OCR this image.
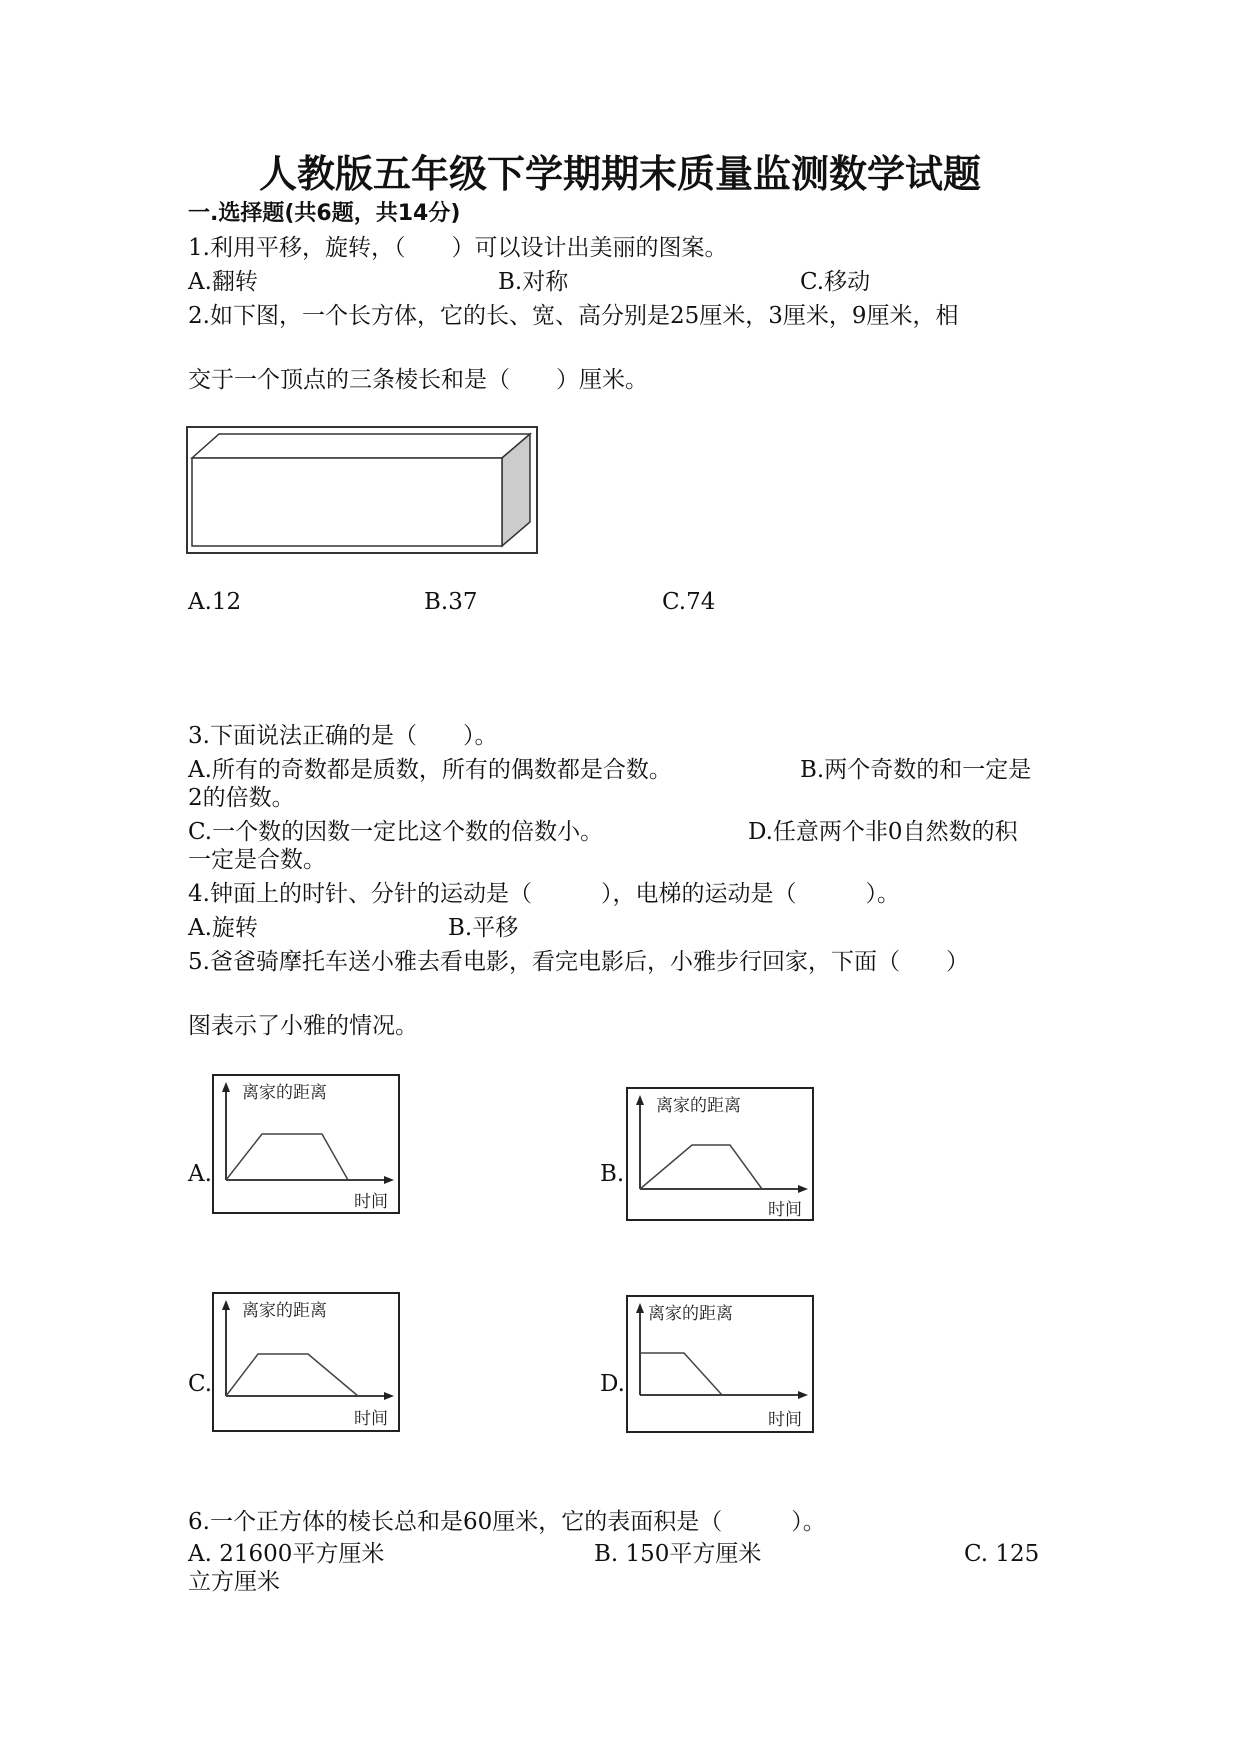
人教版五年级下学期期末质量监测数学试题
一.选择题(共6题，共14分)
1.利用平移，旋转，（　　）可以设计出美丽的图案。
A.翻转	B.对称	C.移动
2.如下图，一个长方体，它的长、宽、高分别是25厘米，3厘米，9厘米，相
交于一个顶点的三条棱长和是（　　）厘米。
A.12	B.37	C.74
3.下面说法正确的是（　　）。
A.所有的奇数都是质数，所有的偶数都是合数。	B.两个奇数的和一定是
2的倍数。
C.一个数的因数一定比这个数的倍数小。	D.任意两个非0自然数的积
一定是合数。
4.钟面上的时针、分针的运动是（　　　），电梯的运动是（　　　）。
A.旋转	B.平移
5.爸爸骑摩托车送小雅去看电影，看完电影后，小雅步行回家，下面（　　）
图表示了小雅的情况。
A.	B.
C.	D.
离家的距离
时间
离家的距离
时间
离家的距离
时间
离家的距离
时间
6.一个正方体的棱长总和是60厘米，它的表面积是（　　　）。
A. 21600平方厘米	B. 150平方厘米	C. 125
立方厘米
